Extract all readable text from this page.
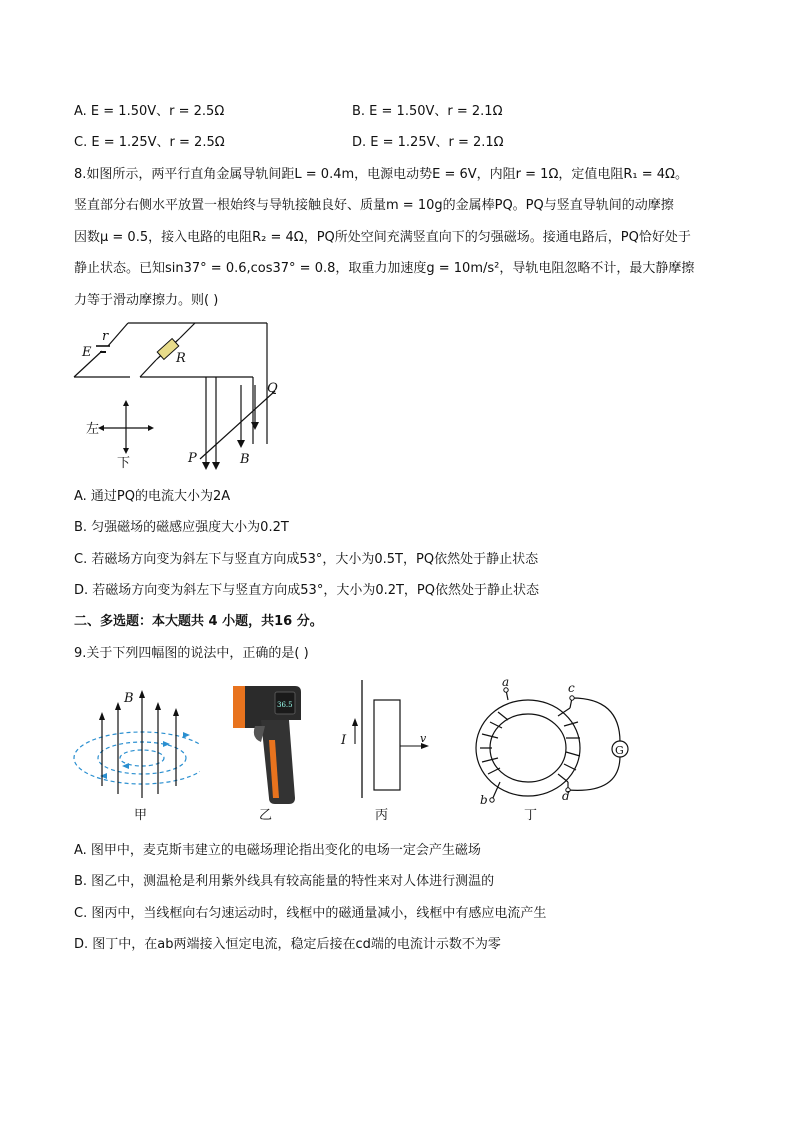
A. E = 1.50V、r = 2.5Ω	B. E = 1.50V、r = 2.1Ω
C. E = 1.25V、r = 2.5Ω	D. E = 1.25V、r = 2.1Ω
8.如图所示，两平行直角金属导轨间距L = 0.4m，电源电动势E = 6V，内阻r = 1Ω，定值电阻R₁ = 4Ω。
竖直部分右侧水平放置一根始终与导轨接触良好、质量m = 10g的金属棒PQ。PQ与竖直导轨间的动摩擦
因数μ = 0.5，接入电路的电阻R₂ = 4Ω，PQ所处空间充满竖直向下的匀强磁场。接通电路后，PQ恰好处于
静止状态。已知sin37° = 0.6,cos37° = 0.8，取重力加速度g = 10m/s²，导轨电阻忽略不计，最大静摩擦
力等于滑动摩擦力。则( )
r
E	R
Q
P	B
左
下
A. 通过PQ的电流大小为2A
B. 匀强磁场的磁感应强度大小为0.2T
C. 若磁场方向变为斜左下与竖直方向成53°，大小为0.5T，PQ依然处于静止状态
D. 若磁场方向变为斜左下与竖直方向成53°，大小为0.2T，PQ依然处于静止状态
二、多选题：本大题共 4 小题，共16 分。
9.关于下列四幅图的说法中，正确的是( )
B
甲
36.5
乙
I	v
丙
G
a
b
c
d
丁
A. 图甲中，麦克斯韦建立的电磁场理论指出变化的电场一定会产生磁场
B. 图乙中，测温枪是利用紫外线具有较高能量的特性来对人体进行测温的
C. 图丙中，当线框向右匀速运动时，线框中的磁通量减小，线框中有感应电流产生
D. 图丁中，在ab两端接入恒定电流，稳定后接在cd端的电流计示数不为零
